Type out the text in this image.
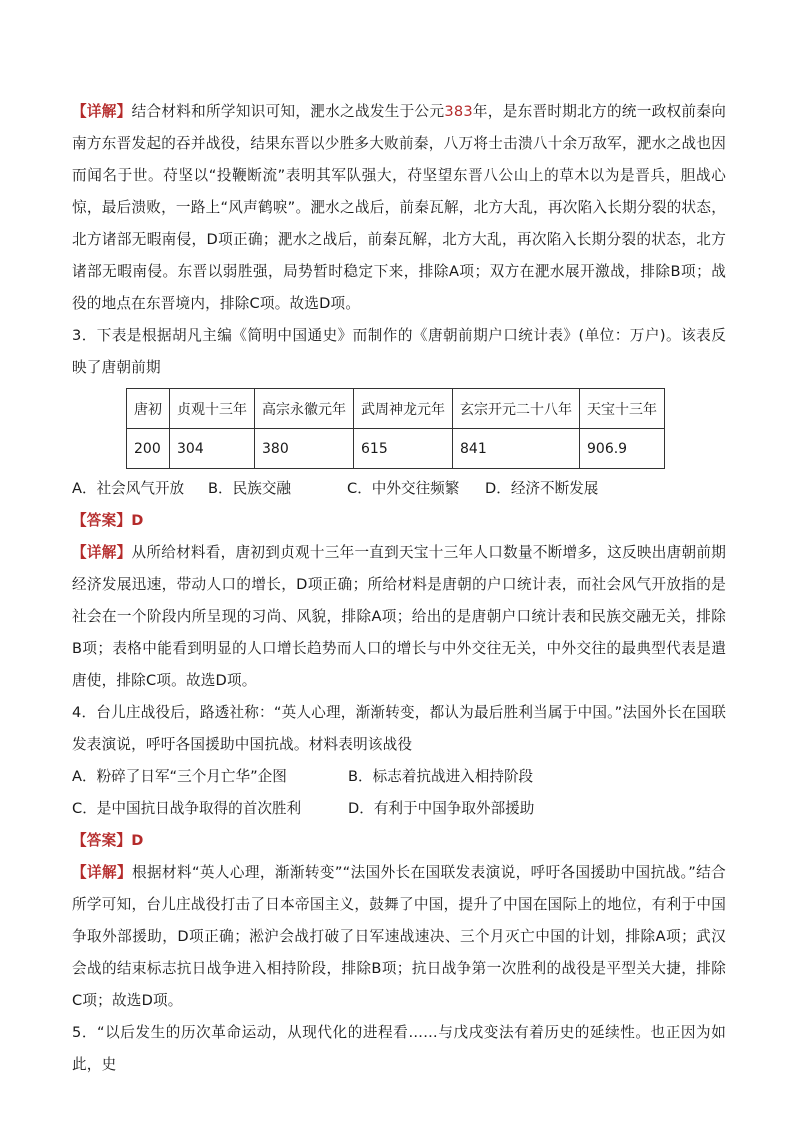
【详解】结合材料和所学知识可知，淝水之战发生于公元383年，是东晋时期北方的统一政权前秦向南方东晋发起的吞并战役，结果东晋以少胜多大败前秦，八万将士击溃八十余万敌军，淝水之战也因而闻名于世。苻坚以“投鞭断流”表明其军队强大，苻坚望东晋八公山上的草木以为是晋兵，胆战心惊，最后溃败，一路上“风声鹤唳”。淝水之战后，前秦瓦解，北方大乱，再次陷入长期分裂的状态，北方诸部无暇南侵，D项正确；淝水之战后，前秦瓦解，北方大乱，再次陷入长期分裂的状态，北方诸部无暇南侵。东晋以弱胜强，局势暂时稳定下来，排除A项；双方在淝水展开激战，排除B项；战役的地点在东晋境内，排除C项。故选D项。

3．下表是根据胡凡主编《简明中国通史》而制作的《唐朝前期户口统计表》(单位：万户)。该表反映了唐朝前期

唐初	贞观十三年	高宗永徽元年	武周神龙元年	玄宗开元二十八年	天宝十三年
200	304	380	615	841	906.9
A．社会风气开放 B．民族交融	C．中外交往频繁 D．经济不断发展

【答案】D

【详解】从所给材料看，唐初到贞观十三年一直到天宝十三年人口数量不断增多，这反映出唐朝前期经济发展迅速，带动人口的增长，D项正确；所给材料是唐朝的户口统计表，而社会风气开放指的是社会在一个阶段内所呈现的习尚、风貌，排除A项；给出的是唐朝户口统计表和民族交融无关，排除B项；表格中能看到明显的人口增长趋势而人口的增长与中外交往无关，中外交往的最典型代表是遣唐使，排除C项。故选D项。

4．台儿庄战役后，路透社称：“英人心理，渐渐转变，都认为最后胜利当属于中国。”法国外长在国联发表演说，呼吁各国援助中国抗战。材料表明该战役

A．粉碎了日军“三个月亡华”企图	B．标志着抗战进入相持阶段
C．是中国抗日战争取得的首次胜利	D．有利于中国争取外部援助

【答案】D

【详解】根据材料“英人心理，渐渐转变”“法国外长在国联发表演说，呼吁各国援助中国抗战。”结合所学可知，台儿庄战役打击了日本帝国主义，鼓舞了中国，提升了中国在国际上的地位，有利于中国争取外部援助，D项正确；淞沪会战打破了日军速战速决、三个月灭亡中国的计划，排除A项；武汉会战的结束标志抗日战争进入相持阶段，排除B项；抗日战争第一次胜利的战役是平型关大捷，排除C项；故选D项。

5．“以后发生的历次革命运动，从现代化的进程看……与戊戌变法有着历史的延续性。也正因为如此，史
